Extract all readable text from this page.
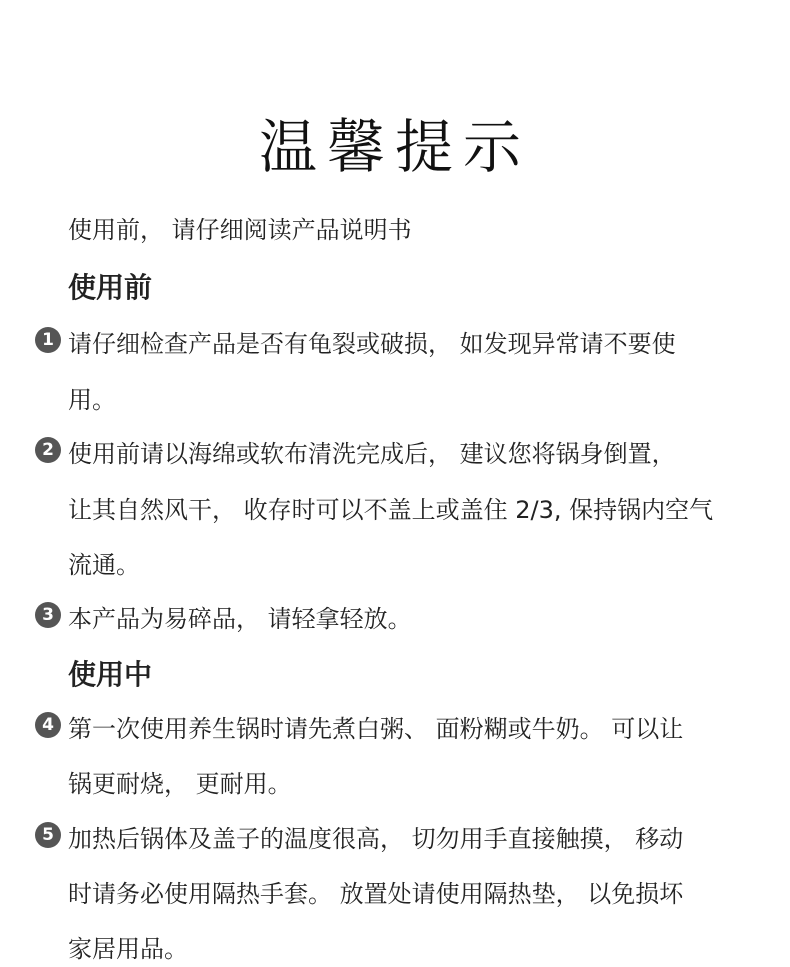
温馨提示
使用前， 请仔细阅读产品说明书
使用前
1 请仔细检查产品是否有龟裂或破损， 如发现异常请不要使
用。
2 使用前请以海绵或软布清洗完成后， 建议您将锅身倒置，
让其自然风干， 收存时可以不盖上或盖住 2/3, 保持锅内空气
流通。
3 本产品为易碎品， 请轻拿轻放。
使用中
4 第一次使用养生锅时请先煮白粥、 面粉糊或牛奶。 可以让
锅更耐烧， 更耐用。
5 加热后锅体及盖子的温度很高， 切勿用手直接触摸， 移动
时请务必使用隔热手套。 放置处请使用隔热垫， 以免损坏
家居用品。
